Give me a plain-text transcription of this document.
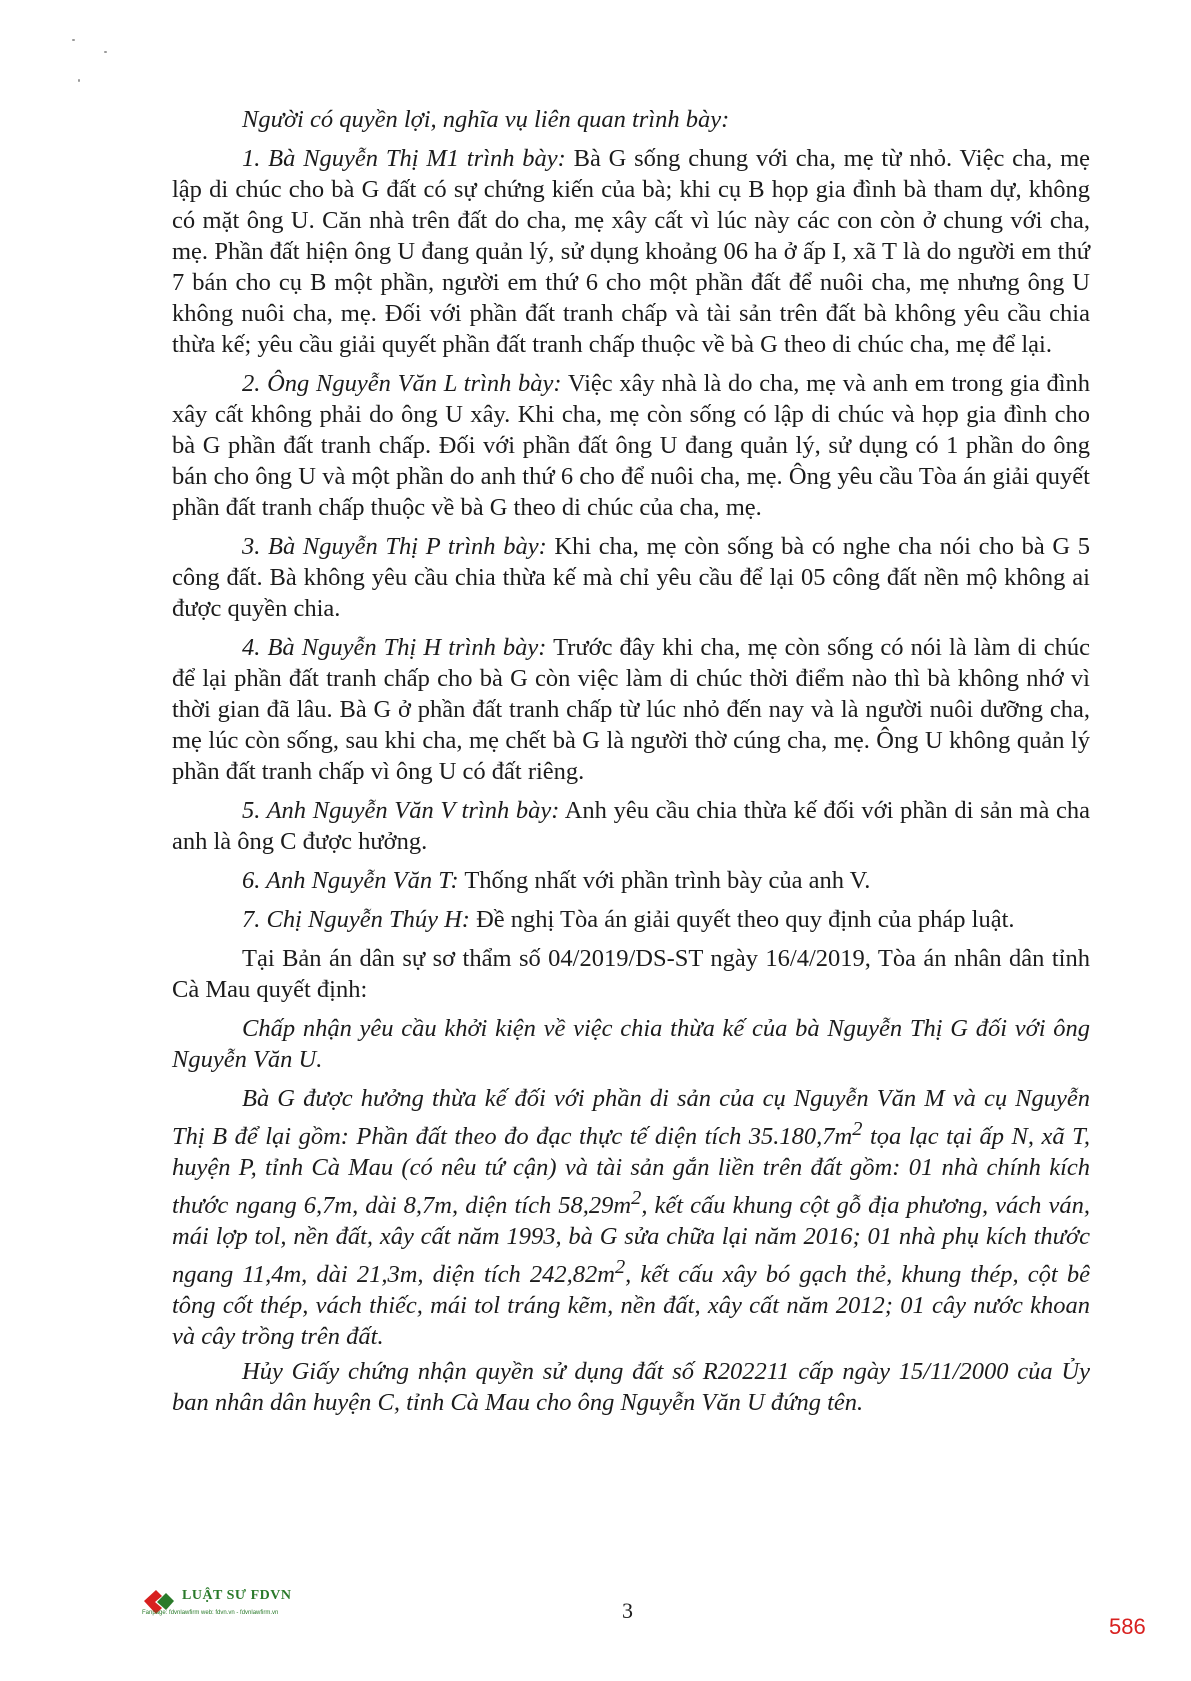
Người có quyền lợi, nghĩa vụ liên quan trình bày:

1. Bà Nguyễn Thị M1 trình bày: Bà G sống chung với cha, mẹ từ nhỏ. Việc cha, mẹ lập di chúc cho bà G đất có sự chứng kiến của bà; khi cụ B họp gia đình bà tham dự, không có mặt ông U. Căn nhà trên đất do cha, mẹ xây cất vì lúc này các con còn ở chung với cha, mẹ. Phần đất hiện ông U đang quản lý, sử dụng khoảng 06 ha ở ấp I, xã T là do người em thứ 7 bán cho cụ B một phần, người em thứ 6 cho một phần đất để nuôi cha, mẹ nhưng ông U không nuôi cha, mẹ. Đối với phần đất tranh chấp và tài sản trên đất bà không yêu cầu chia thừa kế; yêu cầu giải quyết phần đất tranh chấp thuộc về bà G theo di chúc cha, mẹ để lại.

2. Ông Nguyễn Văn L trình bày: Việc xây nhà là do cha, mẹ và anh em trong gia đình xây cất không phải do ông U xây. Khi cha, mẹ còn sống có lập di chúc và họp gia đình cho bà G phần đất tranh chấp. Đối với phần đất ông U đang quản lý, sử dụng có 1 phần do ông bán cho ông U và một phần do anh thứ 6 cho để nuôi cha, mẹ. Ông yêu cầu Tòa án giải quyết phần đất tranh chấp thuộc về bà G theo di chúc của cha, mẹ.

3. Bà Nguyễn Thị P trình bày: Khi cha, mẹ còn sống bà có nghe cha nói cho bà G 5 công đất. Bà không yêu cầu chia thừa kế mà chỉ yêu cầu để lại 05 công đất nền mộ không ai được quyền chia.

4. Bà Nguyễn Thị H trình bày: Trước đây khi cha, mẹ còn sống có nói là làm di chúc để lại phần đất tranh chấp cho bà G còn việc làm di chúc thời điểm nào thì bà không nhớ vì thời gian đã lâu. Bà G ở phần đất tranh chấp từ lúc nhỏ đến nay và là người nuôi dưỡng cha, mẹ lúc còn sống, sau khi cha, mẹ chết bà G là người thờ cúng cha, mẹ. Ông U không quản lý phần đất tranh chấp vì ông U có đất riêng.

5. Anh Nguyễn Văn V trình bày: Anh yêu cầu chia thừa kế đối với phần di sản mà cha anh là ông C được hưởng.

6. Anh Nguyễn Văn T: Thống nhất với phần trình bày của anh V.

7. Chị Nguyễn Thúy H: Đề nghị Tòa án giải quyết theo quy định của pháp luật.

Tại Bản án dân sự sơ thẩm số 04/2019/DS-ST ngày 16/4/2019, Tòa án nhân dân tỉnh Cà Mau quyết định:

Chấp nhận yêu cầu khởi kiện về việc chia thừa kế của bà Nguyễn Thị G đối với ông Nguyễn Văn U.

Bà G được hưởng thừa kế đối với phần di sản của cụ Nguyễn Văn M và cụ Nguyễn Thị B để lại gồm: Phần đất theo đo đạc thực tế diện tích $35.180,7m^2$ tọa lạc tại ấp N, xã T, huyện P, tỉnh Cà Mau (có nêu tứ cận) và tài sản gắn liền trên đất gồm: 01 nhà chính kích thước ngang 6,7m, dài 8,7m, diện tích $58,29m^2$, kết cấu khung cột gỗ địa phương, vách ván, mái lợp tol, nền đất, xây cất năm 1993, bà G sửa chữa lại năm 2016; 01 nhà phụ kích thước ngang 11,4m, dài 21,3m, diện tích $242,82m^2$, kết cấu xây bó gạch thẻ, khung thép, cột bê tông cốt thép, vách thiếc, mái tol tráng kẽm, nền đất, xây cất năm 2012; 01 cây nước khoan và cây trồng trên đất.

Hủy Giấy chứng nhận quyền sử dụng đất số R202211 cấp ngày 15/11/2000 của Ủy ban nhân dân huyện C, tỉnh Cà Mau cho ông Nguyễn Văn U đứng tên.

LUẬT SƯ FDVN
Fanpage: fdvnlawfirm web: fdvn.vn - fdvnlawfirm.vn	3
586
